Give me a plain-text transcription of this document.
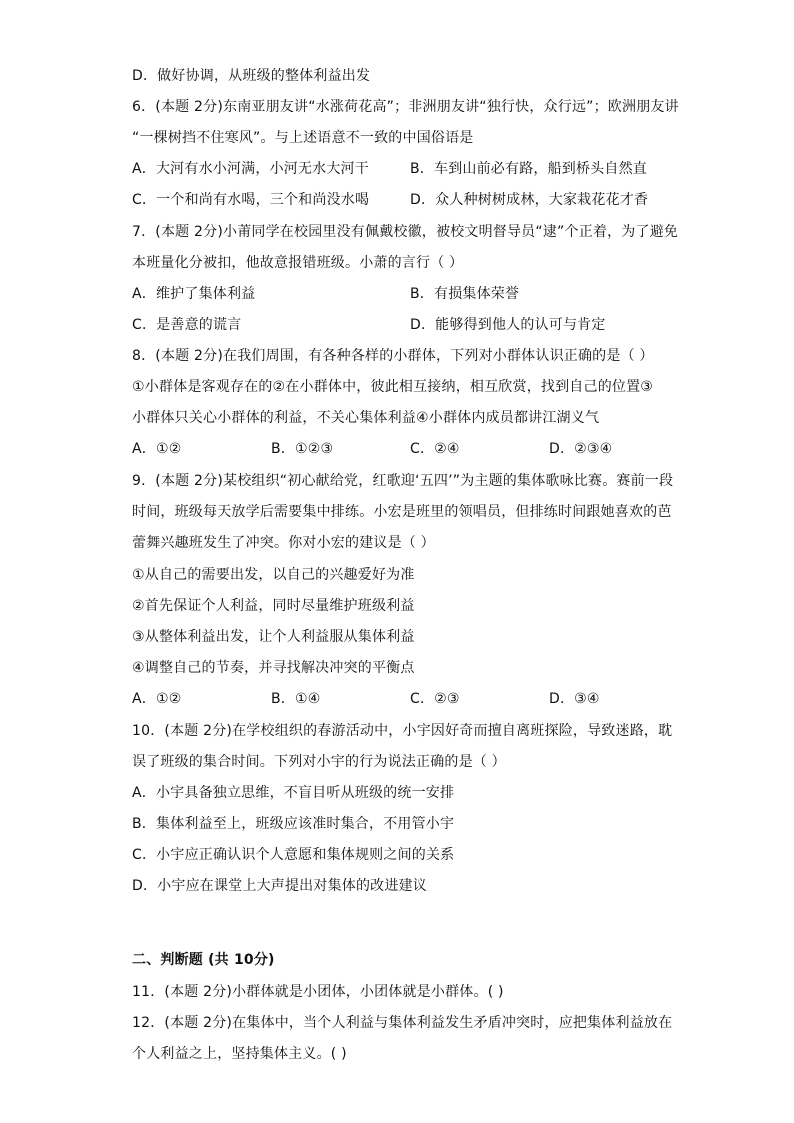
D．做好协调，从班级的整体利益出发
6．(本题 2分)东南亚朋友讲“水涨荷花高”；非洲朋友讲“独行快，众行远”；欧洲朋友讲
“一棵树挡不住寒风”。与上述语意不一致的中国俗语是
A．大河有水小河满，小河无水大河干	B．车到山前必有路，船到桥头自然直
C．一个和尚有水喝，三个和尚没水喝	D．众人种树树成林，大家栽花花才香
7．(本题 2分)小莆同学在校园里没有佩戴校徽，被校文明督导员“逮”个正着，为了避免
本班量化分被扣，他故意报错班级。小萧的言行（ ）
A．维护了集体利益	B．有损集体荣誉
C．是善意的谎言	D．能够得到他人的认可与肯定
8．(本题 2分)在我们周围，有各种各样的小群体，下列对小群体认识正确的是（ ）
①小群体是客观存在的②在小群体中，彼此相互接纳，相互欣赏，找到自己的位置③
小群体只关心小群体的利益，不关心集体利益④小群体内成员都讲江湖义气
A．①②	B．①②③	C．②④	D．②③④
9．(本题 2分)某校组织“初心献给党，红歌迎‘五四’”为主题的集体歌咏比赛。赛前一段
时间，班级每天放学后需要集中排练。小宏是班里的领唱员，但排练时间跟她喜欢的芭
蕾舞兴趣班发生了冲突。你对小宏的建议是（ ）
①从自己的需要出发，以自己的兴趣爱好为准
②首先保证个人利益，同时尽量维护班级利益
③从整体利益出发，让个人利益服从集体利益
④调整自己的节奏，并寻找解决冲突的平衡点
A．①②	B．①④	C．②③	D．③④
10．(本题 2分)在学校组织的春游活动中，小宇因好奇而擅自离班探险，导致迷路，耽
误了班级的集合时间。下列对小宇的行为说法正确的是（ ）
A．小宇具备独立思维，不盲目听从班级的统一安排
B．集体利益至上，班级应该准时集合，不用管小宇
C．小宇应正确认识个人意愿和集体规则之间的关系
D．小宇应在课堂上大声提出对集体的改进建议
二、判断题 (共 10分)
11．(本题 2分)小群体就是小团体，小团体就是小群体。( )
12．(本题 2分)在集体中，当个人利益与集体利益发生矛盾冲突时，应把集体利益放在
个人利益之上，坚持集体主义。( )
